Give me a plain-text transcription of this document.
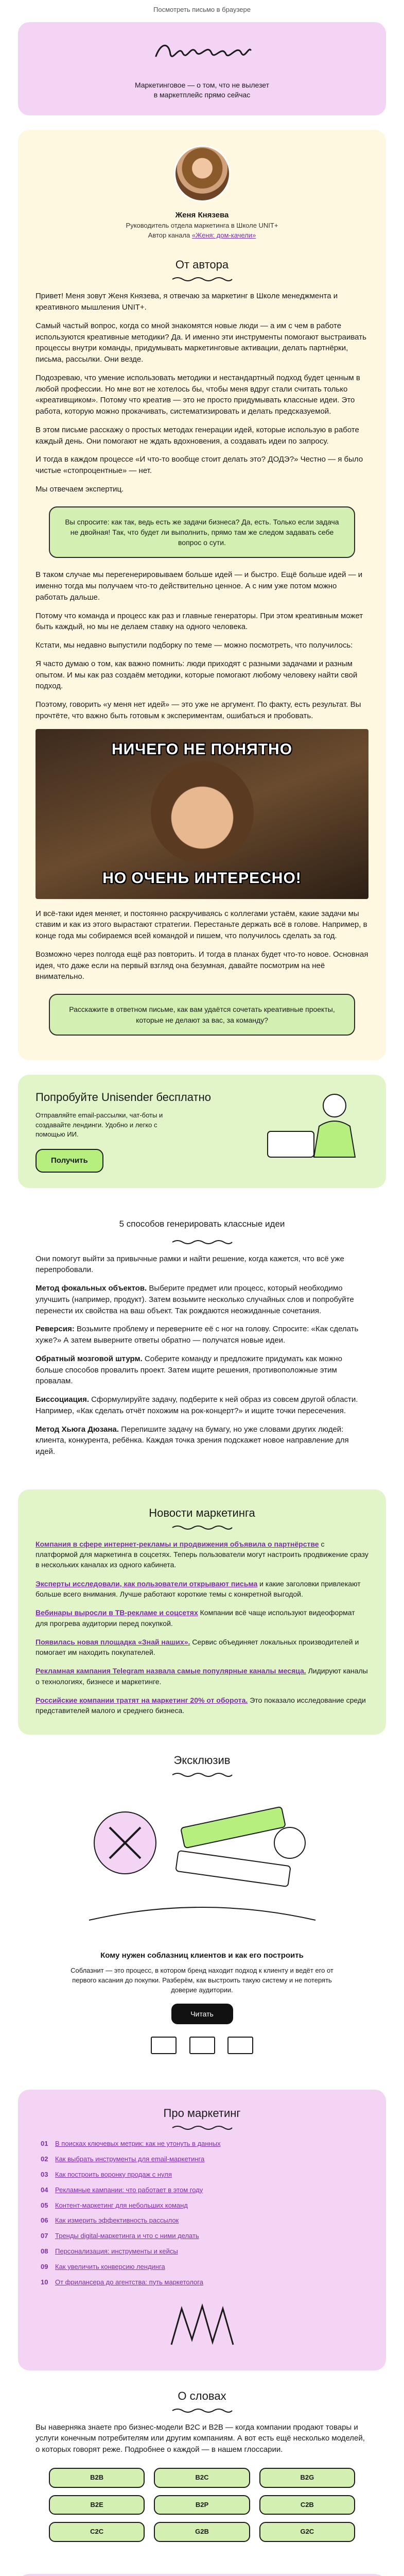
Посмотреть письмо в браузере
Маркетинговое — о том, что не вылезет
в маркетплейс прямо сейчас
Женя Князева
Руководитель отдела маркетинга в Школе UNIT+
Автор канала «Женя: дом-качели»
От автора

Привет! Меня зовут Женя Князева, я отвечаю за маркетинг в Школе менеджмента и креативного мышления UNIT+.

Самый частый вопрос, когда со мной знакомятся новые люди — а им с чем в работе используются креативные методики? Да. И именно эти инструменты помогают выстраивать процессы внутри команды, придумывать маркетинговые активации, делать партнёрки, письма, рассылки. Они везде.

Подозреваю, что умение использовать методики и нестандартный подход будет ценным в любой профессии. Но мне вот не хотелось бы, чтобы меня вдруг стали считать только «креативщиком». Потому что креатив — это не просто придумывать классные идеи. Это работа, которую можно прокачивать, систематизировать и делать предсказуемой.

В этом письме расскажу о простых методах генерации идей, которые использую в работе каждый день. Они помогают не ждать вдохновения, а создавать идеи по запросу.

И тогда в каждом процессе «И что-то вообще стоит делать это? ДОДЭ?» Честно — я было чистые «стопроцентные» — нет.

Мы отвечаем экспертиц.

Вы спросите: как так, ведь есть же задачи бизнеса? Да, есть. Только если задача не двойная! Так, что будет ли выполнить, прямо там же следом задавать себе вопрос о сути.

В таком случае мы перегенерировываем больше идей — и быстро. Ещё больше идей — и именно тогда мы получаем что-то действительно ценное. А с ним уже потом можно работать дальше.

Потому что команда и процесс как раз и главные генераторы. При этом креативным может быть каждый, но мы не делаем ставку на одного человека.

Кстати, мы недавно выпустили подборку по теме — можно посмотреть, что получилось:

Я часто думаю о том, как важно помнить: люди приходят с разными задачами и разным опытом. И мы как раз создаём методики, которые помогают любому человеку найти свой подход.

Поэтому, говорить «у меня нет идей» — это уже не аргумент. По факту, есть результат. Вы прочтёте, что важно быть готовым к экспериментам, ошибаться и пробовать.

НИЧЕГО НЕ ПОНЯТНО
НО ОЧЕНЬ ИНТЕРЕСНО!

И всё-таки идея меняет, и постоянно раскручиваясь с коллегами устаём, какие задачи мы ставим и как из этого вырастают стратегии. Перестаньте держать всё в голове. Например, в конце года мы собираемся всей командой и пишем, что получилось сделать за год.

Возможно через полгода ещё раз повторить. И тогда в планах будет что-то новое. Основная идея, что даже если на первый взгляд она безумная, давайте посмотрим на неё внимательно.

Расскажите в ответном письме, как вам удаётся сочетать креативные проекты, которые не делают за вас, за команду?
Попробуйте Unisender бесплатно
Отправляйте email-рассылки, чат-боты и создавайте лендинги. Удобно и легко с помощью ИИ.
Получить
5 способов генерировать классные идеи

Они помогут выйти за привычные рамки и найти решение, когда кажется, что всё уже перепробовали.

Метод фокальных объектов. Выберите предмет или процесс, который необходимо улучшить (например, продукт). Затем возьмите несколько случайных слов и попробуйте перенести их свойства на ваш объект. Так рождаются неожиданные сочетания.

Реверсия: Возьмите проблему и переверните её с ног на голову. Спросите: «Как сделать хуже?» А затем выверните ответы обратно — получатся новые идеи.

Обратный мозговой штурм. Соберите команду и предложите придумать как можно больше способов провалить проект. Затем ищите решения, противоположные этим провалам.

Биссоциация. Сформулируйте задачу, подберите к ней образ из совсем другой области. Например, «Как сделать отчёт похожим на рок-концерт?» и ищите точки пересечения.

Метод Хьюга Дюзана. Перепишите задачу на бумагу, но уже словами других людей: клиента, конкурента, ребёнка. Каждая точка зрения подскажет новое направление для идей.

Новости маркетинга
Компания в сфере интернет-рекламы и продвижения объявила о партнёрстве с платформой для маркетинга в соцсетях. Теперь пользователи могут настроить продвижение сразу в нескольких каналах из одного кабинета.
Эксперты исследовали, как пользователи открывают письма и какие заголовки привлекают больше всего внимания. Лучше работают короткие темы с конкретной выгодой.
Вебинары выросли в ТВ-рекламе и соцсетях Компании всё чаще используют видеоформат для прогрева аудитории перед покупкой.
Появилась новая площадка «Знай наших». Сервис объединяет локальных производителей и помогает им находить покупателей.
Рекламная кампания Telegram назвала самые популярные каналы месяца. Лидируют каналы о технологиях, бизнесе и маркетинге.
Российские компании тратят на маркетинг 20% от оборота. Это показало исследование среди представителей малого и среднего бизнеса.
Эксклюзив
Кому нужен соблазниц клиентов и как его построить
Соблазнит — это процесс, в котором бренд находит подход к клиенту и ведёт его от первого касания до покупки. Разберём, как выстроить такую систему и не потерять доверие аудитории.
Читать

Про маркетинг
01	В поисках ключевых метрик: как не утонуть в данных
02	Как выбрать инструменты для email-маркетинга
03	Как построить воронку продаж с нуля
04	Рекламные кампании: что работает в этом году
05	Контент-маркетинг для небольших команд
06	Как измерить эффективность рассылок
07	Тренды digital-маркетинга и что с ними делать
08	Персонализация: инструменты и кейсы
09	Как увеличить конверсию лендинга
10	От фрилансера до агентства: путь маркетолога
О словах

Вы наверняка знаете про бизнес-модели B2C и B2B — когда компании продают товары и услуги конечным потребителям или другим компаниям. А вот есть ещё несколько моделей, о которых говорят реже. Подробнее о каждой — в нашем глоссарии.

B2B	B2C	B2G
B2E	B2P	C2B
C2C	G2B	G2C
